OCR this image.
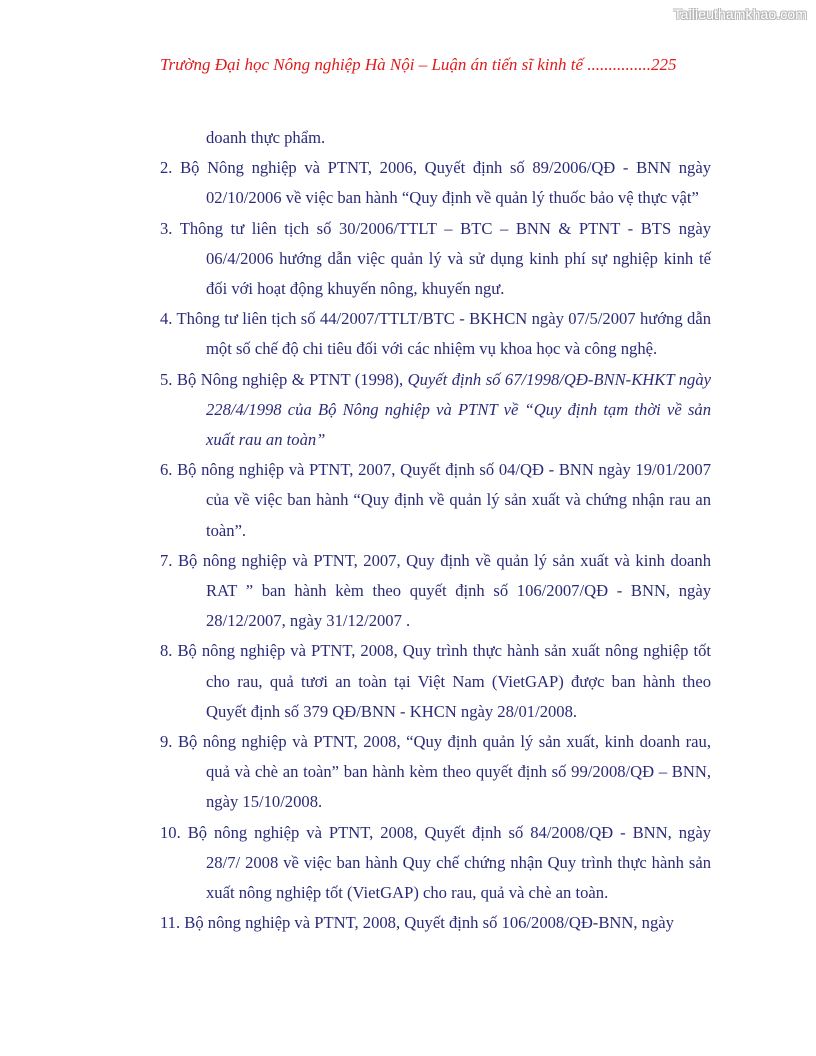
Tailieuthamkhao.com
Trường Đại học Nông nghiệp Hà Nội – Luận án tiến sĩ kinh tế ...............225
doanh thực phẩm.
2. Bộ Nông nghiệp và PTNT, 2006, Quyết định số 89/2006/QĐ - BNN ngày 02/10/2006 về việc ban hành “Quy định về quản lý thuốc bảo vệ thực vật”
3. Thông tư liên tịch số 30/2006/TTLT – BTC – BNN & PTNT - BTS ngày 06/4/2006 hướng dẫn việc quản lý và sử dụng kinh phí sự nghiệp kinh tế đối với hoạt động khuyến nông, khuyến ngư.
4. Thông tư liên tịch số 44/2007/TTLT/BTC - BKHCN ngày 07/5/2007 hướng dẫn một số chế độ chi tiêu đối với các nhiệm vụ khoa học và công nghệ.
5. Bộ Nông nghiệp & PTNT (1998), Quyết định số 67/1998/QĐ-BNN-KHKT ngày 228/4/1998 của Bộ Nông nghiệp và PTNT về “Quy định tạm thời về sản xuất rau an toàn”
6. Bộ nông nghiệp và PTNT, 2007, Quyết định số 04/QĐ - BNN ngày 19/01/2007 của về việc ban hành “Quy định về quản lý sản xuất và chứng nhận rau an toàn”.
7. Bộ nông nghiệp và PTNT, 2007, Quy định về quản lý sản xuất và kinh doanh RAT ” ban hành kèm theo quyết định số 106/2007/QĐ - BNN, ngày 28/12/2007, ngày 31/12/2007 .
8. Bộ nông nghiệp và PTNT, 2008, Quy trình thực hành sản xuất nông nghiệp tốt cho rau, quả tươi an toàn tại Việt Nam (VietGAP) được ban hành theo Quyết định số 379 QĐ/BNN - KHCN ngày 28/01/2008.
9. Bộ nông nghiệp và PTNT, 2008, “Quy định quản lý sản xuất, kinh doanh rau, quả và chè an toàn” ban hành kèm theo quyết định số 99/2008/QĐ – BNN, ngày 15/10/2008.
10. Bộ nông nghiệp và PTNT, 2008, Quyết định số 84/2008/QĐ - BNN, ngày 28/7/ 2008 về việc ban hành Quy chế chứng nhận Quy trình thực hành sản xuất nông nghiệp tốt (VietGAP) cho rau, quả và chè an toàn.
11. Bộ nông nghiệp và PTNT, 2008, Quyết định số 106/2008/QĐ-BNN, ngày
